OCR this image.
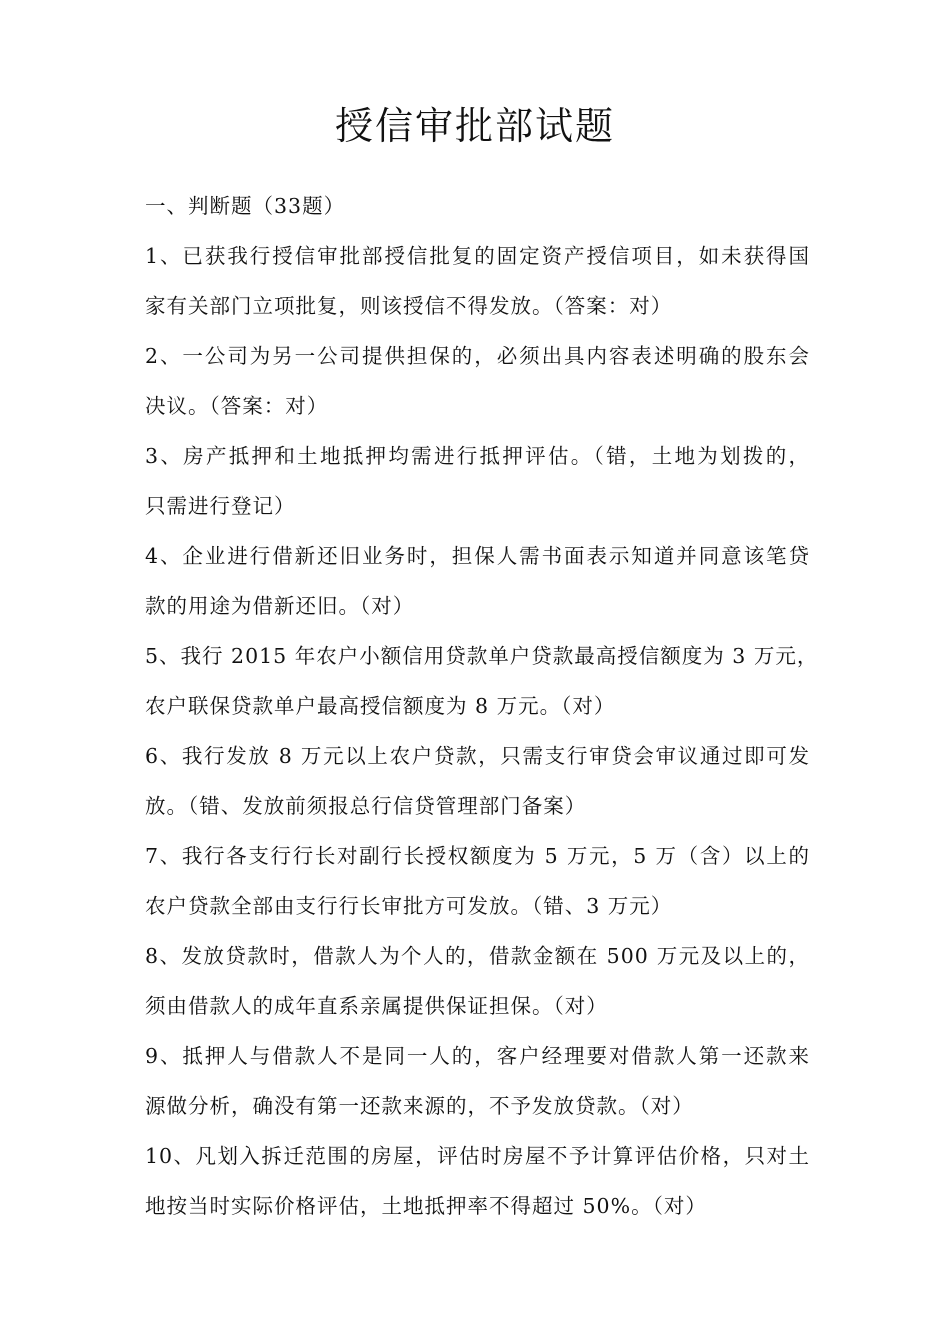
授信审批部试题
一、判断题（33题）
1、已获我行授信审批部授信批复的固定资产授信项目，如未获得国
家有关部门立项批复，则该授信不得发放。（答案：对）
2、一公司为另一公司提供担保的，必须出具内容表述明确的股东会
决议。（答案：对）
3、房产抵押和土地抵押均需进行抵押评估。（错，土地为划拨的，
只需进行登记）
4、企业进行借新还旧业务时，担保人需书面表示知道并同意该笔贷
款的用途为借新还旧。（对）
5、我行 2015 年农户小额信用贷款单户贷款最高授信额度为 3 万元，
农户联保贷款单户最高授信额度为 8 万元。（对）
6、我行发放 8 万元以上农户贷款，只需支行审贷会审议通过即可发
放。（错、发放前须报总行信贷管理部门备案）
7、我行各支行行长对副行长授权额度为 5 万元，5 万（含）以上的
农户贷款全部由支行行长审批方可发放。（错、3 万元）
8、发放贷款时，借款人为个人的，借款金额在 500 万元及以上的，
须由借款人的成年直系亲属提供保证担保。（对）
9、抵押人与借款人不是同一人的，客户经理要对借款人第一还款来
源做分析，确没有第一还款来源的，不予发放贷款。（对）
10、凡划入拆迁范围的房屋，评估时房屋不予计算评估价格，只对土
地按当时实际价格评估，土地抵押率不得超过 50%。（对）
